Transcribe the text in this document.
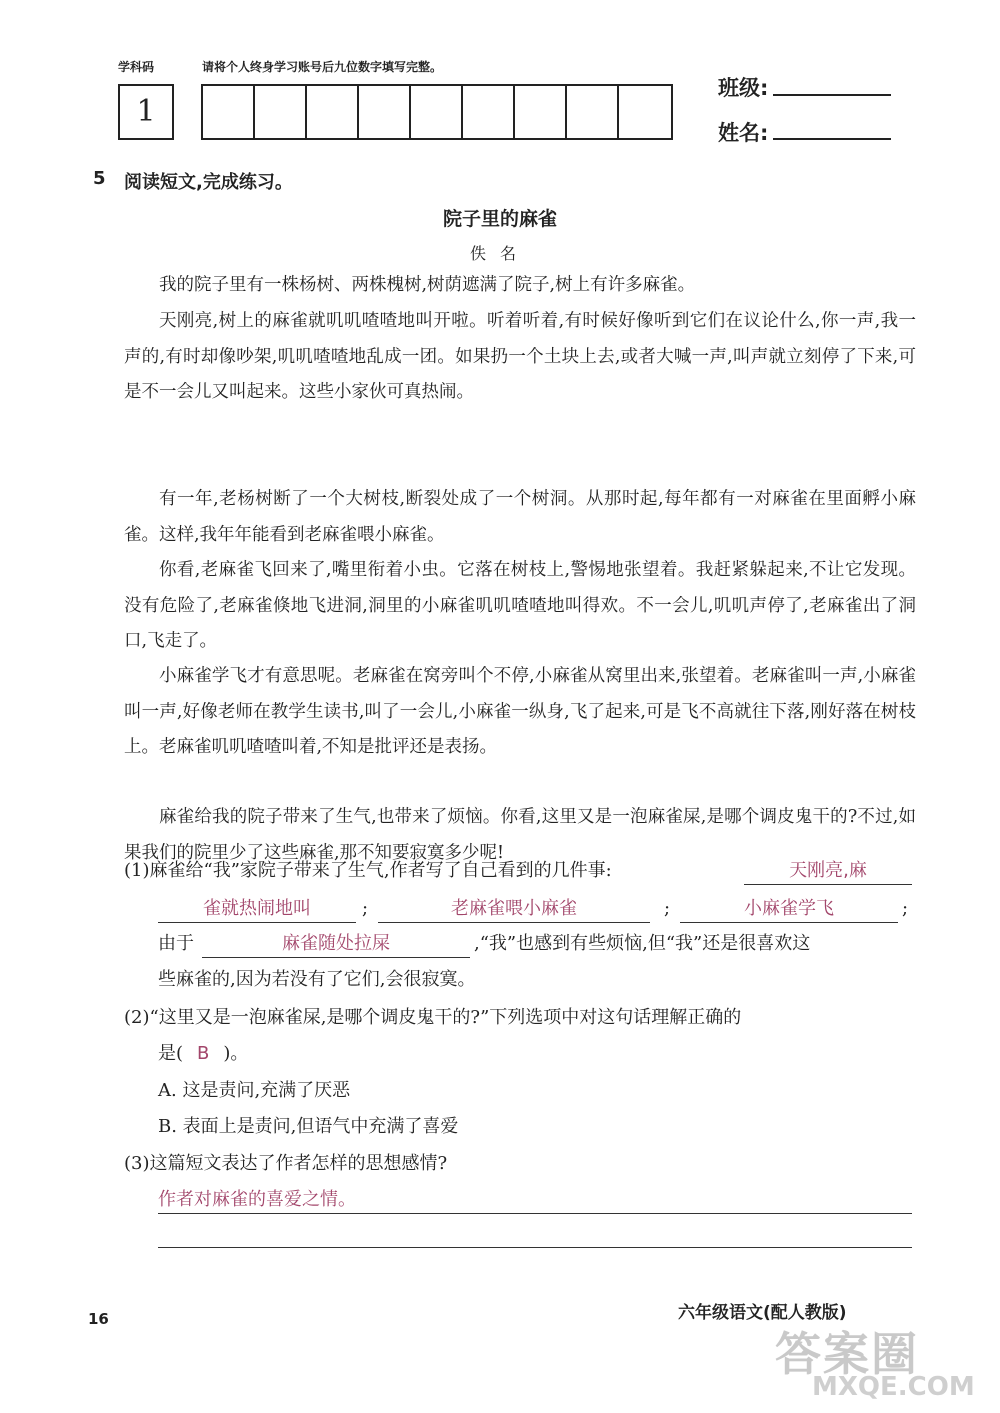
学科码	请将个人终身学习账号后九位数字填写完整。
1
班级:
姓名:
5 阅读短文,完成练习。
院子里的麻雀
佚名
我的院子里有一株杨树、两株槐树,树荫遮满了院子,树上有许多麻雀。
天刚亮,树上的麻雀就叽叽喳喳地叫开啦。听着听着,有时候好像听到它们在议论什么,你一声,我一声的,有时却像吵架,叽叽喳喳地乱成一团。如果扔一个土块上去,或者大喊一声,叫声就立刻停了下来,可是不一会儿又叫起来。这些小家伙可真热闹。
有一年,老杨树断了一个大树枝,断裂处成了一个树洞。从那时起,每年都有一对麻雀在里面孵小麻雀。这样,我年年能看到老麻雀喂小麻雀。
你看,老麻雀飞回来了,嘴里衔着小虫。它落在树枝上,警惕地张望着。我赶紧躲起来,不让它发现。没有危险了,老麻雀倏地飞进洞,洞里的小麻雀叽叽喳喳地叫得欢。不一会儿,叽叽声停了,老麻雀出了洞口,飞走了。
小麻雀学飞才有意思呢。老麻雀在窝旁叫个不停,小麻雀从窝里出来,张望着。老麻雀叫一声,小麻雀叫一声,好像老师在教学生读书,叫了一会儿,小麻雀一纵身,飞了起来,可是飞不高就往下落,刚好落在树枝上。老麻雀叽叽喳喳叫着,不知是批评还是表扬。
麻雀给我的院子带来了生气,也带来了烦恼。你看,这里又是一泡麻雀屎,是哪个调皮鬼干的?不过,如果我们的院里少了这些麻雀,那不知要寂寞多少呢!
(1)麻雀给“我”家院子带来了生气,作者写了自己看到的几件事:	天刚亮,麻
雀就热闹地叫	;	老麻雀喂小麻雀	;	小麻雀学飞	;
由于	麻雀随处拉屎	,“我”也感到有些烦恼,但“我”还是很喜欢这
些麻雀的,因为若没有了它们,会很寂寞。
(2)“这里又是一泡麻雀屎,是哪个调皮鬼干的?”下列选项中对这句话理解正确的
是( B )。
A. 这是责问,充满了厌恶
B. 表面上是责问,但语气中充满了喜爱
(3)这篇短文表达了作者怎样的思想感情?
作者对麻雀的喜爱之情。
16	六年级语文(配人教版)
答案圈
MXQE.COM
